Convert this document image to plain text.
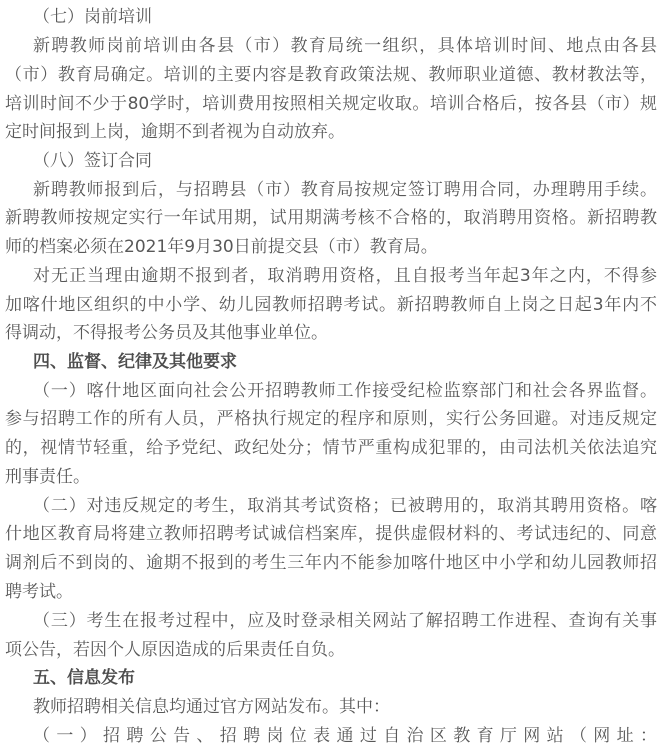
（七）岗前培训
新聘教师岗前培训由各县（市）教育局统一组织，具体培训时间、地点由各县
（市）教育局确定。培训的主要内容是教育政策法规、教师职业道德、教材教法等，
培训时间不少于80学时，培训费用按照相关规定收取。培训合格后，按各县（市）规
定时间报到上岗，逾期不到者视为自动放弃。
（八）签订合同
新聘教师报到后，与招聘县（市）教育局按规定签订聘用合同，办理聘用手续。
新聘教师按规定实行一年试用期，试用期满考核不合格的，取消聘用资格。新招聘教
师的档案必须在2021年9月30日前提交县（市）教育局。
对无正当理由逾期不报到者，取消聘用资格，且自报考当年起3年之内，不得参
加喀什地区组织的中小学、幼儿园教师招聘考试。新招聘教师自上岗之日起3年内不
得调动，不得报考公务员及其他事业单位。
四、监督、纪律及其他要求
（一）喀什地区面向社会公开招聘教师工作接受纪检监察部门和社会各界监督。
参与招聘工作的所有人员，严格执行规定的程序和原则，实行公务回避。对违反规定
的，视情节轻重，给予党纪、政纪处分；情节严重构成犯罪的，由司法机关依法追究
刑事责任。
（二）对违反规定的考生，取消其考试资格；已被聘用的，取消其聘用资格。喀
什地区教育局将建立教师招聘考试诚信档案库，提供虚假材料的、考试违纪的、同意
调剂后不到岗的、逾期不报到的考生三年内不能参加喀什地区中小学和幼儿园教师招
聘考试。
（三）考生在报考过程中，应及时登录相关网站了解招聘工作进程、查询有关事
项公告，若因个人原因造成的后果责任自负。
五、信息发布
教师招聘相关信息均通过官方网站发布。其中：
（一）招聘公告、招聘岗位表通过自治区教育厅网站（网址：
